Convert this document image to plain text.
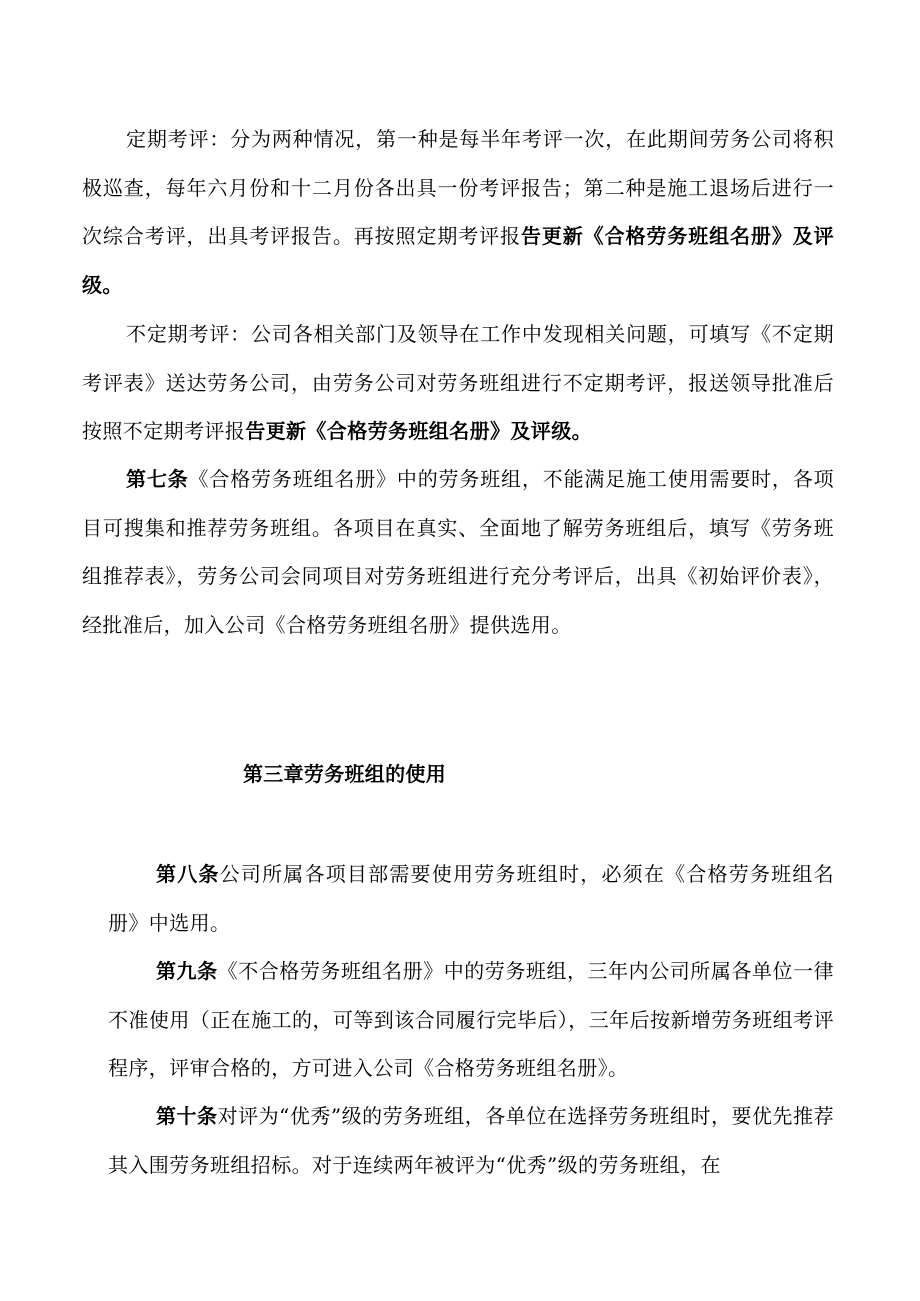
定期考评：分为两种情况，第一种是每半年考评一次，在此期间劳务公司将积极巡查，每年六月份和十二月份各出具一份考评报告；第二种是施工退场后进行一次综合考评，出具考评报告。再按照定期考评报告更新《合格劳务班组名册》及评级。

不定期考评：公司各相关部门及领导在工作中发现相关问题，可填写《不定期考评表》送达劳务公司，由劳务公司对劳务班组进行不定期考评，报送领导批准后按照不定期考评报告更新《合格劳务班组名册》及评级。

第七条《合格劳务班组名册》中的劳务班组，不能满足施工使用需要时，各项目可搜集和推荐劳务班组。各项目在真实、全面地了解劳务班组后，填写《劳务班组推荐表》，劳务公司会同项目对劳务班组进行充分考评后，出具《初始评价表》，经批准后，加入公司《合格劳务班组名册》提供选用。

第三章劳务班组的使用

第八条公司所属各项目部需要使用劳务班组时，必须在《合格劳务班组名册》中选用。

第九条《不合格劳务班组名册》中的劳务班组，三年内公司所属各单位一律不准使用（正在施工的，可等到该合同履行完毕后），三年后按新增劳务班组考评程序，评审合格的，方可进入公司《合格劳务班组名册》。

第十条对评为“优秀”级的劳务班组，各单位在选择劳务班组时，要优先推荐其入围劳务班组招标。对于连续两年被评为“优秀”级的劳务班组，在
